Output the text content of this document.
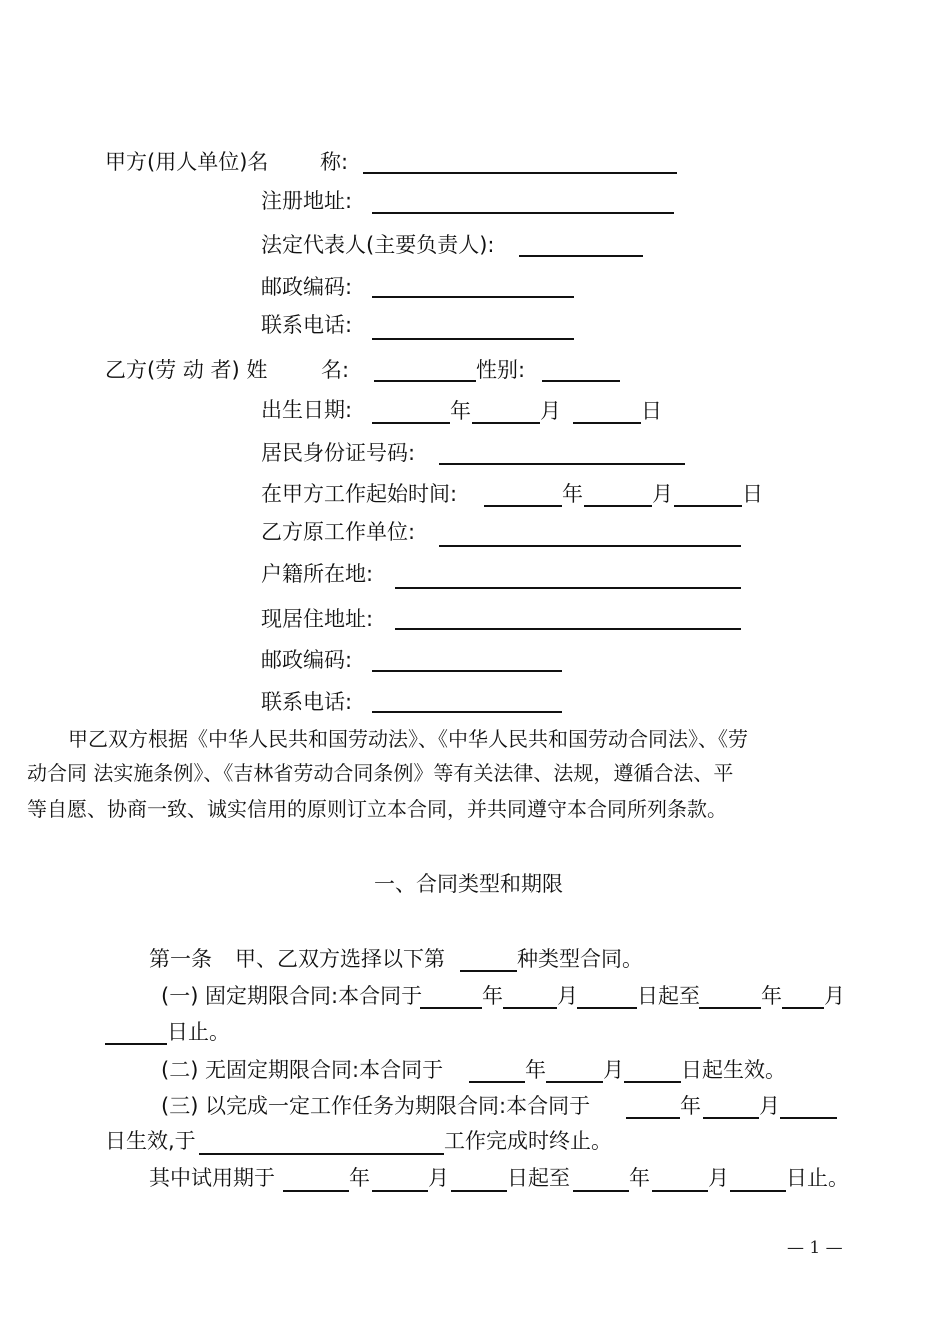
甲方(用人单位)名 称:
注册地址:
法定代表人(主要负责人):
邮政编码:
联系电话:
乙方(劳 动 者) 姓	名:	性别:
出生日期:	年	月	日
居民身份证号码:
在甲方工作起始时间:	年	月	日
乙方原工作单位:
户籍所在地:
现居住地址:
邮政编码:
联系电话:
甲乙双方根据《中华人民共和国劳动法》、《中华人民共和国劳动合同法》、《劳
动合同 法实施条例》、《吉林省劳动合同条例》等有关法律、法规，遵循合法、平
等自愿、协商一致、诚实信用的原则订立本合同，并共同遵守本合同所列条款。
一、合同类型和期限
第一条 甲、乙双方选择以下第	种类型合同。
(一) 固定期限合同:本合同于	年	月	日起至	年 月
日止。
(二) 无固定期限合同:本合同于	年	月	日起生效。
(三) 以完成一定工作任务为期限合同:本合同于	年	月
日生效,于	工作完成时终止。
其中试用期于	年	月	日起至	年	月	日止。
— 1 —
